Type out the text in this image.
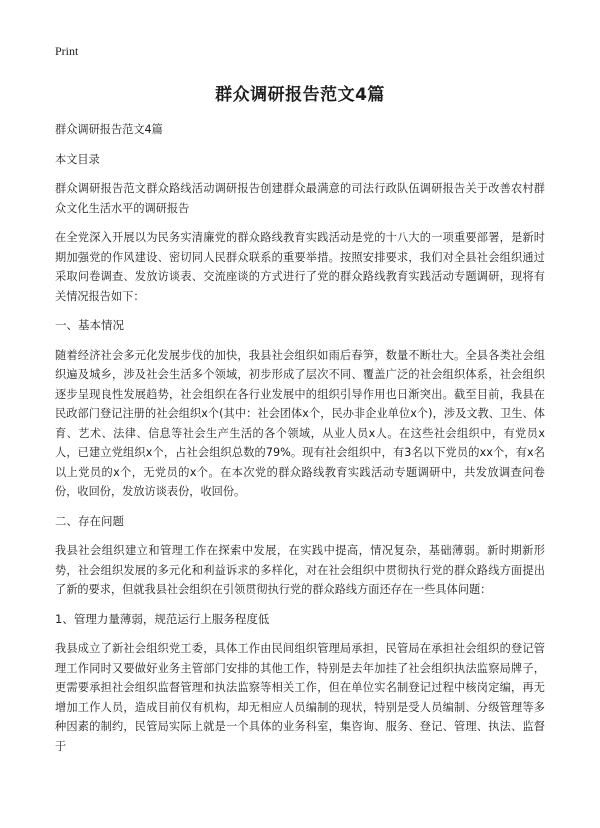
Print
群众调研报告范文4篇

群众调研报告范文4篇

本文目录

群众调研报告范文群众路线活动调研报告创建群众最满意的司法行政队伍调研报告关于改善农村群众文化生活水平的调研报告

在全党深入开展以为民务实清廉党的群众路线教育实践活动是党的十八大的一项重要部署，是新时期加强党的作风建设、密切同人民群众联系的重要举措。按照安排要求，我们对全县社会组织通过采取问卷调查、发放访谈表、交流座谈的方式进行了党的群众路线教育实践活动专题调研，现将有关情况报告如下：

一、基本情况

随着经济社会多元化发展步伐的加快，我县社会组织如雨后春笋，数量不断壮大。全县各类社会组织遍及城乡，涉及社会生活多个领域，初步形成了层次不同、覆盖广泛的社会组织体系，社会组织逐步呈现良性发展趋势，社会组织在各行业发展中的组织引导作用也日渐突出。截至目前，我县在民政部门登记注册的社会组织x个(其中：社会团体x个，民办非企业单位x个)，涉及文教、卫生、体育、艺术、法律、信息等社会生产生活的各个领域，从业人员x人。在这些社会组织中，有党员x人，已建立党组织x个，占社会组织总数的79%。现有社会组织中，有3名以下党员的xx个，有x名以上党员的x个，无党员的x个。在本次党的群众路线教育实践活动专题调研中，共发放调查问卷份，收回份，发放访谈表份，收回份。

二、存在问题

我县社会组织建立和管理工作在探索中发展，在实践中提高，情况复杂，基础薄弱。新时期新形势，社会组织发展的多元化和利益诉求的多样化，对在社会组织中贯彻执行党的群众路线方面提出了新的要求，但就我县社会组织在引领贯彻执行党的群众路线方面还存在一些具体问题：

1、管理力量薄弱，规范运行上服务程度低

我县成立了新社会组织党工委，具体工作由民间组织管理局承担，民管局在承担社会组织的登记管理工作同时又要做好业务主管部门安排的其他工作，特别是去年加挂了社会组织执法监察局牌子，更需要承担社会组织监督管理和执法监察等相关工作，但在单位实名制登记过程中核岗定编，再无增加工作人员，造成目前仅有机构，却无相应人员编制的现状，特别是受人员编制、分级管理等多种因素的制约，民管局实际上就是一个具体的业务科室，集咨询、服务、登记、管理、执法、监督于
